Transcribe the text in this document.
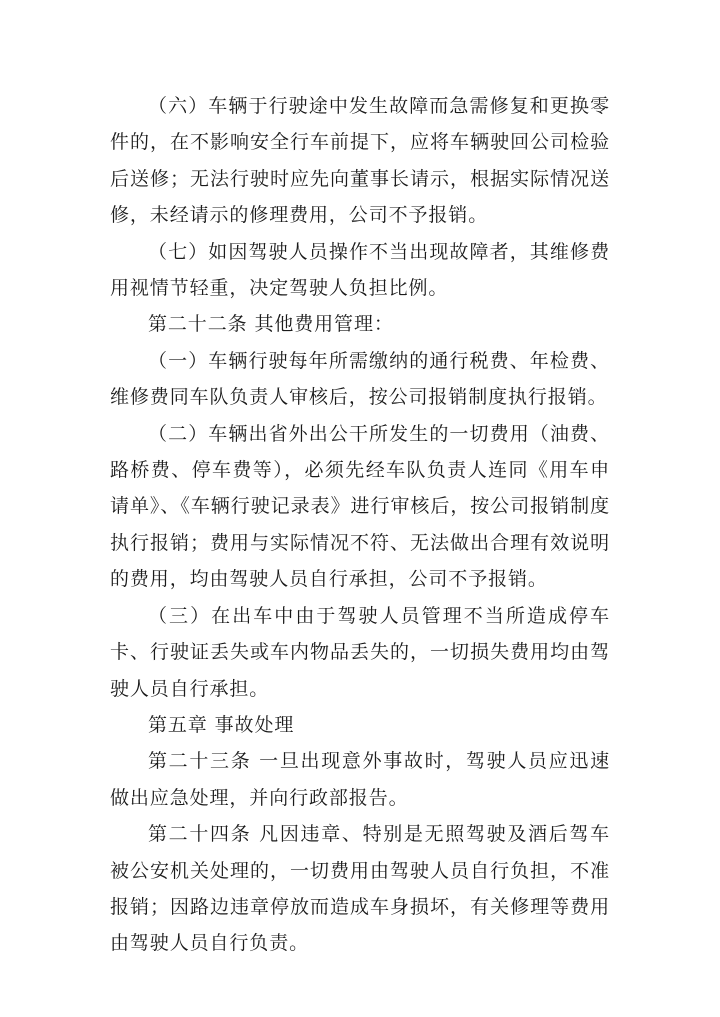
（六）车辆于行驶途中发生故障而急需修复和更换零件的，在不影响安全行车前提下，应将车辆驶回公司检验后送修；无法行驶时应先向董事长请示，根据实际情况送修，未经请示的修理费用，公司不予报销。

（七）如因驾驶人员操作不当出现故障者，其维修费用视情节轻重，决定驾驶人负担比例。

第二十二条 其他费用管理：

（一）车辆行驶每年所需缴纳的通行税费、年检费、维修费同车队负责人审核后，按公司报销制度执行报销。

（二）车辆出省外出公干所发生的一切费用（油费、路桥费、停车费等），必须先经车队负责人连同《用车申请单》、《车辆行驶记录表》进行审核后，按公司报销制度执行报销；费用与实际情况不符、无法做出合理有效说明的费用，均由驾驶人员自行承担，公司不予报销。

（三）在出车中由于驾驶人员管理不当所造成停车卡、行驶证丢失或车内物品丢失的，一切损失费用均由驾驶人员自行承担。

第五章 事故处理

第二十三条 一旦出现意外事故时，驾驶人员应迅速做出应急处理，并向行政部报告。

第二十四条 凡因违章、特别是无照驾驶及酒后驾车被公安机关处理的，一切费用由驾驶人员自行负担，不准报销；因路边违章停放而造成车身损坏，有关修理等费用由驾驶人员自行负责。
